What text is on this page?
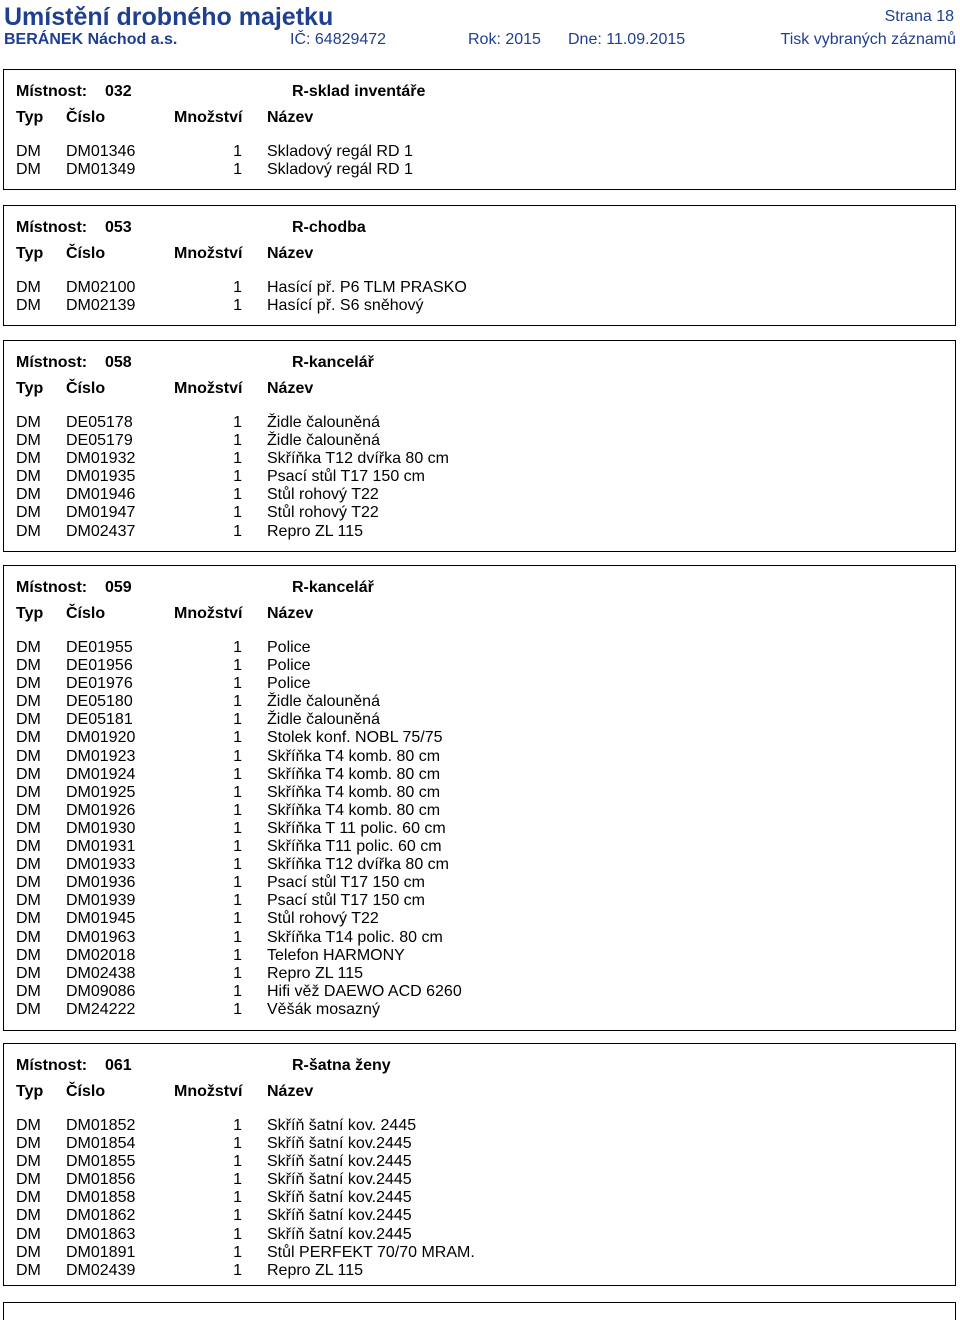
Umístění drobného majetku	Strana 18
BERÁNEK Náchod a.s.	IČ: 64829472	Rok: 2015 Dne: 11.09.2015	Tisk vybraných záznamů
Místnost: 032	R-sklad inventáře
Typ Číslo	Množství Název
DM DM01346	1 Skladový regál RD 1
DM DM01349	1 Skladový regál RD 1
Místnost: 053	R-chodba
Typ Číslo	Množství Název
DM DM02100	1 Hasící př. P6 TLM PRASKO
DM DM02139	1 Hasící př. S6 sněhový
Místnost: 058	R-kancelář
Typ Číslo	Množství Název
DM DE05178	1 Židle čalouněná
DM DE05179	1 Židle čalouněná
DM DM01932	1 Skříňka T12 dvířka 80 cm
DM DM01935	1 Psací stůl T17 150 cm
DM DM01946	1 Stůl rohový T22
DM DM01947	1 Stůl rohový T22
DM DM02437	1 Repro ZL 115
Místnost: 059	R-kancelář
Typ Číslo	Množství Název
DM DE01955	1 Police
DM DE01956	1 Police
DM DE01976	1 Police
DM DE05180	1 Židle čalouněná
DM DE05181	1 Židle čalouněná
DM DM01920	1 Stolek konf. NOBL 75/75
DM DM01923	1 Skříňka T4 komb. 80 cm
DM DM01924	1 Skříňka T4 komb. 80 cm
DM DM01925	1 Skříňka T4 komb. 80 cm
DM DM01926	1 Skříňka T4 komb. 80 cm
DM DM01930	1 Skříňka T 11 polic. 60 cm
DM DM01931	1 Skříňka T11 polic. 60 cm
DM DM01933	1 Skříňka T12 dvířka 80 cm
DM DM01936	1 Psací stůl T17 150 cm
DM DM01939	1 Psací stůl T17 150 cm
DM DM01945	1 Stůl rohový T22
DM DM01963	1 Skříňka T14 polic. 80 cm
DM DM02018	1 Telefon HARMONY
DM DM02438	1 Repro ZL 115
DM DM09086	1 Hifi věž DAEWO ACD 6260
DM DM24222	1 Věšák mosazný
Místnost: 061	R-šatna ženy
Typ Číslo	Množství Název
DM DM01852	1 Skříň šatní kov. 2445
DM DM01854	1 Skříň šatní kov.2445
DM DM01855	1 Skříň šatní kov.2445
DM DM01856	1 Skříň šatní kov.2445
DM DM01858	1 Skříň šatní kov.2445
DM DM01862	1 Skříň šatní kov.2445
DM DM01863	1 Skříň šatní kov.2445
DM DM01891	1 Stůl PERFEKT 70/70 MRAM.
DM DM02439	1 Repro ZL 115
